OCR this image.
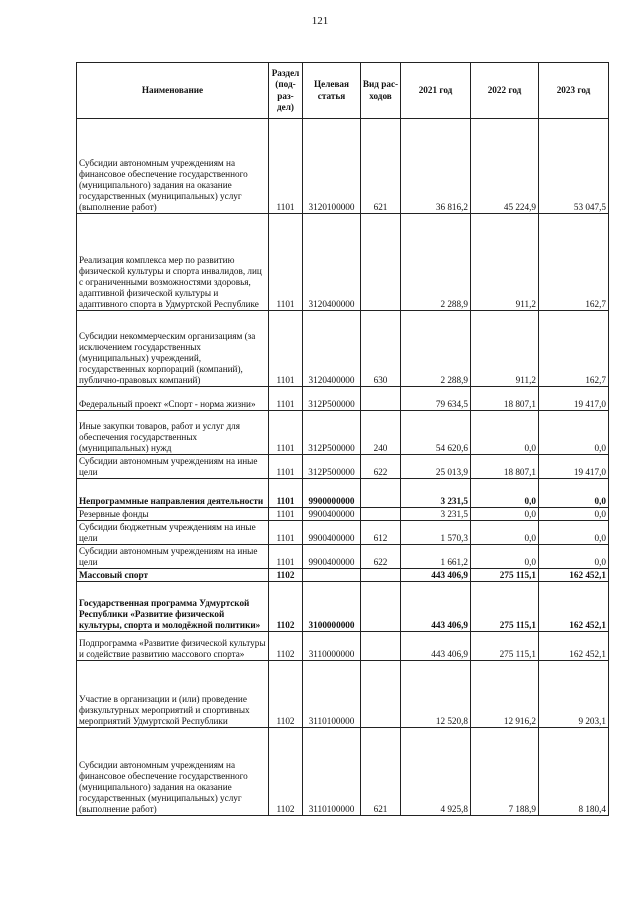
121
Наименование	Раздел (под-раз-дел)	Целевая статья	Вид рас-ходов	2021 год	2022 год	2023 год
Субсидии автономным учреждениям на финансовое обеспечение государственного (муниципального) задания на оказание государственных (муниципальных) услуг (выполнение работ)	1101	3120100000	621	36 816,2	45 224,9	53 047,5
Реализация комплекса мер по развитию физической культуры и спорта инвалидов, лиц с ограниченными возможностями здоровья, адаптивной физической культуры и адаптивного спорта в Удмуртской Республике	1101	3120400000		2 288,9	911,2	162,7
Субсидии некоммерческим организациям (за исключением государственных (муниципальных) учреждений, государственных корпораций (компаний), публично-правовых компаний)	1101	3120400000	630	2 288,9	911,2	162,7
Федеральный проект «Спорт - норма жизни»	1101	312P500000		79 634,5	18 807,1	19 417,0
Иные закупки товаров, работ и услуг для обеспечения государственных (муниципальных) нужд	1101	312P500000	240	54 620,6	0,0	0,0
Субсидии автономным учреждениям на иные цели	1101	312P500000	622	25 013,9	18 807,1	19 417,0
Непрограммные направления деятельности	1101	9900000000		3 231,5	0,0	0,0
Резервные фонды	1101	9900400000		3 231,5	0,0	0,0
Субсидии бюджетным учреждениям на иные цели	1101	9900400000	612	1 570,3	0,0	0,0
Субсидии автономным учреждениям на иные цели	1101	9900400000	622	1 661,2	0,0	0,0
Массовый спорт	1102			443 406,9	275 115,1	162 452,1
Государственная программа Удмуртской Республики «Развитие физической культуры, спорта и молодёжной политики»	1102	3100000000		443 406,9	275 115,1	162 452,1
Подпрограмма «Развитие физической культуры и содействие развитию массового спорта»	1102	3110000000		443 406,9	275 115,1	162 452,1
Участие в организации и (или) проведение физкультурных мероприятий и спортивных мероприятий Удмуртской Республики	1102	3110100000		12 520,8	12 916,2	9 203,1
Субсидии автономным учреждениям на финансовое обеспечение государственного (муниципального) задания на оказание государственных (муниципальных) услуг (выполнение работ)	1102	3110100000	621	4 925,8	7 188,9	8 180,4
